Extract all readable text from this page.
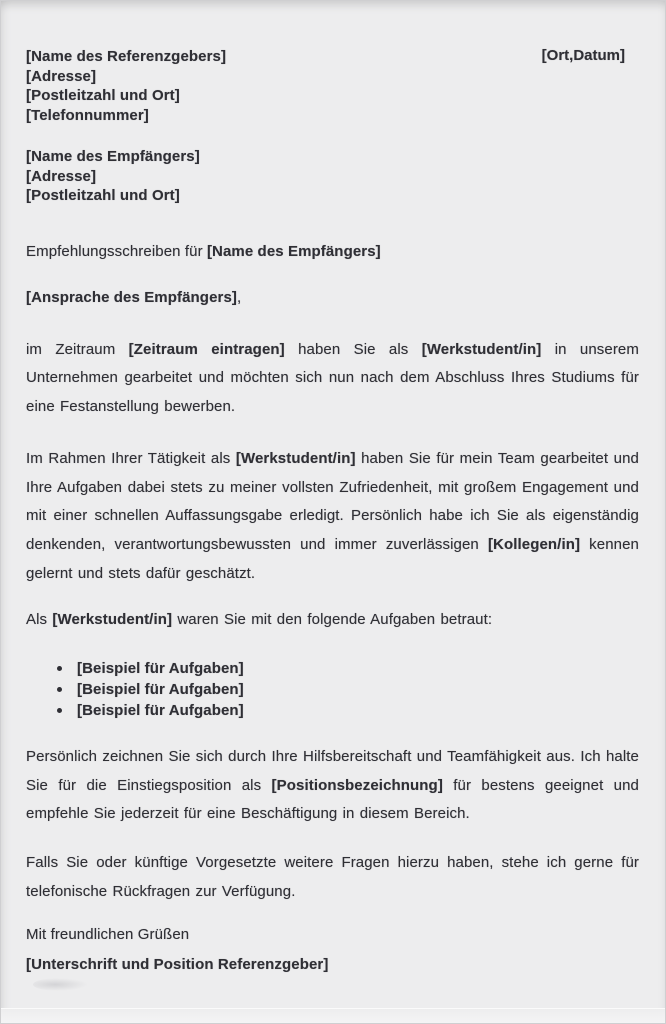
[Name des Referenzgebers]
[Adresse]
[Postleitzahl und Ort]
[Telefonnummer]
[Ort,Datum]
[Name des Empfängers]
[Adresse]
[Postleitzahl und Ort]
Empfehlungsschreiben für [Name des Empfängers]
[Ansprache des Empfängers],

im Zeitraum [Zeitraum eintragen] haben Sie als [Werkstudent/in] in unserem Unternehmen gearbeitet und möchten sich nun nach dem Abschluss Ihres Studiums für eine Festanstellung bewerben.

Im Rahmen Ihrer Tätigkeit als [Werkstudent/in] haben Sie für mein Team gearbeitet und Ihre Aufgaben dabei stets zu meiner vollsten Zufriedenheit, mit großem Engagement und mit einer schnellen Auffassungsgabe erledigt. Persönlich habe ich Sie als eigenständig denkenden, verantwortungsbewussten und immer zuverlässigen [Kollegen/in] kennen gelernt und stets dafür geschätzt.

Als [Werkstudent/in] waren Sie mit den folgende Aufgaben betraut:

[Beispiel für Aufgaben]
[Beispiel für Aufgaben]
[Beispiel für Aufgaben]

Persönlich zeichnen Sie sich durch Ihre Hilfsbereitschaft und Teamfähigkeit aus. Ich halte Sie für die Einstiegsposition als [Positionsbezeichnung] für bestens geeignet und empfehle Sie jederzeit für eine Beschäftigung in diesem Bereich.

Falls Sie oder künftige Vorgesetzte weitere Fragen hierzu haben, stehe ich gerne für telefonische Rückfragen zur Verfügung.

Mit freundlichen Grüßen
[Unterschrift und Position Referenzgeber]
